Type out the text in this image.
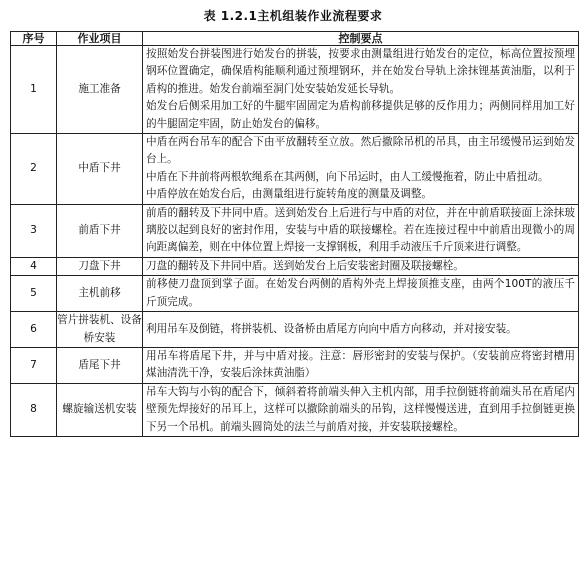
表 1.2.1主机组装作业流程要求
序号	作业项目	控制要点
1	施工准备	按照始发台拼装图进行始发台的拼装，按要求由测量组进行始发台的定位，标高位置按预埋钢环位置确定，确保盾构能顺利通过预埋钢环，并在始发台导轨上涂抹锂基黄油脂，以利于盾构的推进。始发台前端至洞门处安装始发延长导轨。

始发台后侧采用加工好的牛腿牢固固定为盾构前移提供足够的反作用力；两侧同样用加工好的牛腿固定牢固，防止始发台的偏移。

2	中盾下井	中盾在两台吊车的配合下由平放翻转至立放。然后撤除吊机的吊具，由主吊缓慢吊运到始发台上。

中盾在下井前将两根软绳系在其两侧，向下吊运时，由人工缓慢拖着，防止中盾扭动。

中盾停放在始发台后，由测量组进行旋转角度的测量及调整。

3	前盾下井	前盾的翻转及下井同中盾。送到始发台上后进行与中盾的对位，并在中前盾联接面上涂抹玻璃胶以起到良好的密封作用，安装与中盾的联接螺栓。若在连接过程中中前盾出现微小的周向距离偏差，则在中体位置上焊接一支撑钢板，利用手动液压千斤顶来进行调整。

4	刀盘下井	刀盘的翻转及下井同中盾。送到始发台上后安装密封圈及联接螺栓。

5	主机前移	前移使刀盘顶到掌子面。在始发台两侧的盾构外壳上焊接顶推支座，由两个100T的液压千斤顶完成。

6	管片拼装机、设备桥安装	利用吊车及倒链，将拼装机、设备桥由盾尾方向向中盾方向移动，并对接安装。

7	盾尾下井	用吊车将盾尾下井，并与中盾对接。注意：唇形密封的安装与保护。（安装前应将密封槽用煤油清洗干净，安装后涂抹黄油脂）

8	螺旋输送机安装	吊车大钩与小钩的配合下，倾斜着将前端头伸入主机内部，用手拉倒链将前端头吊在盾尾内壁预先焊接好的吊耳上，这样可以撤除前端头的吊钩，这样慢慢送进，直到用手拉倒链更换下另一个吊机。前端头圆筒处的法兰与前盾对接，并安装联接螺栓。
